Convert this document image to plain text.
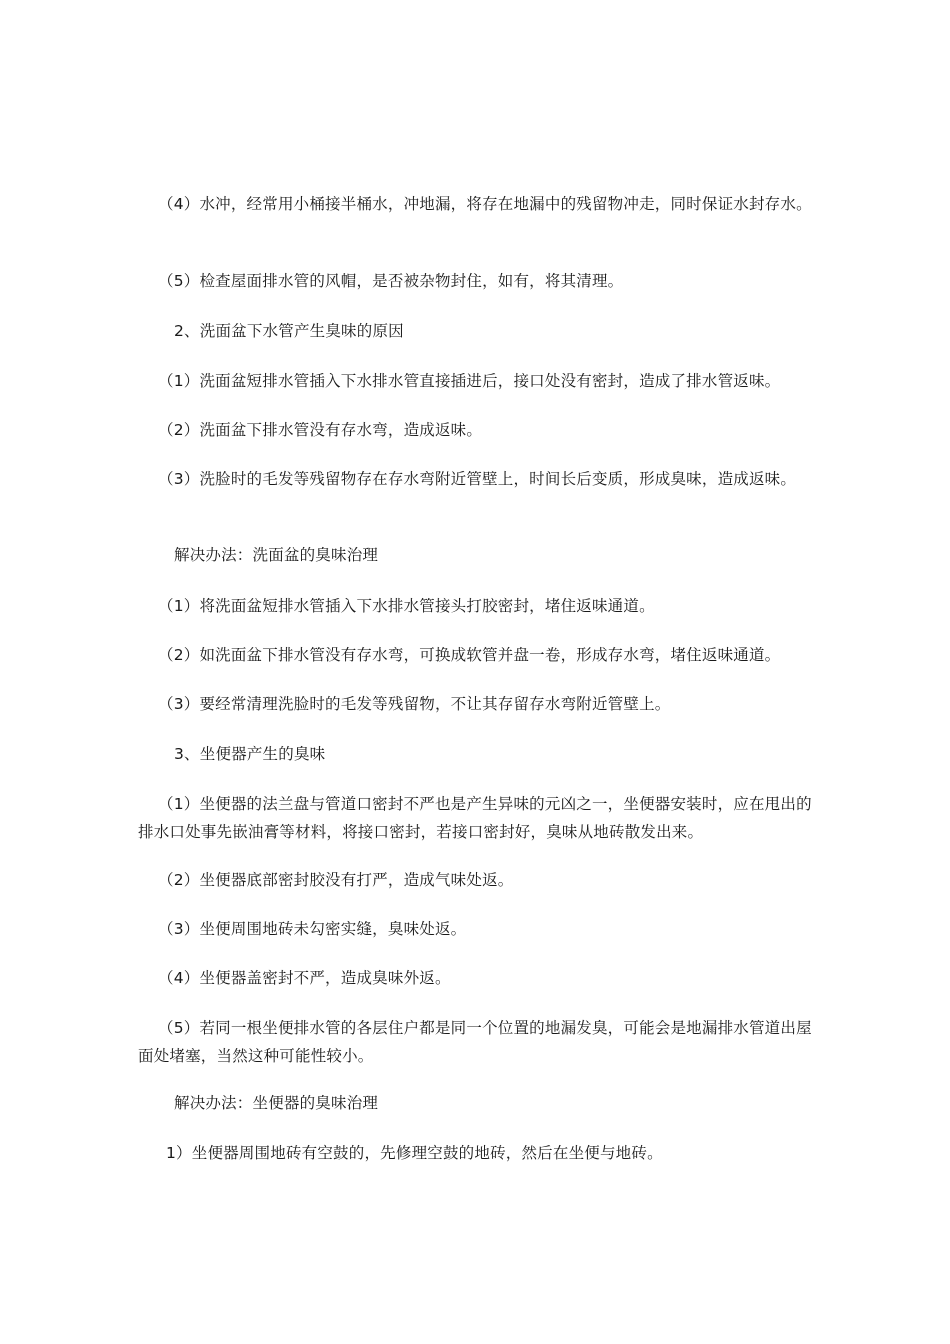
（4）水冲，经常用小桶接半桶水，冲地漏，将存在地漏中的残留物冲走，同时保证水封存水。

（5）检查屋面排水管的风帽，是否被杂物封住，如有，将其清理。

2、洗面盆下水管产生臭味的原因

（1）洗面盆短排水管插入下水排水管直接插进后，接口处没有密封，造成了排水管返味。

（2）洗面盆下排水管没有存水弯，造成返味。

（3）洗脸时的毛发等残留物存在存水弯附近管壁上，时间长后变质，形成臭味，造成返味。

解决办法：洗面盆的臭味治理

（1）将洗面盆短排水管插入下水排水管接头打胶密封，堵住返味通道。

（2）如洗面盆下排水管没有存水弯，可换成软管并盘一卷，形成存水弯，堵住返味通道。

（3）要经常清理洗脸时的毛发等残留物，不让其存留存水弯附近管壁上。

3、坐便器产生的臭味

（1）坐便器的法兰盘与管道口密封不严也是产生异味的元凶之一，坐便器安装时，应在甩出的排水口处事先嵌油膏等材料，将接口密封，若接口密封好，臭味从地砖散发出来。

（2）坐便器底部密封胶没有打严，造成气味处返。

（3）坐便周围地砖未勾密实缝，臭味处返。

（4）坐便器盖密封不严，造成臭味外返。

（5）若同一根坐便排水管的各层住户都是同一个位置的地漏发臭，可能会是地漏排水管道出屋面处堵塞，当然这种可能性较小。

解决办法：坐便器的臭味治理

1）坐便器周围地砖有空鼓的，先修理空鼓的地砖，然后在坐便与地砖。
